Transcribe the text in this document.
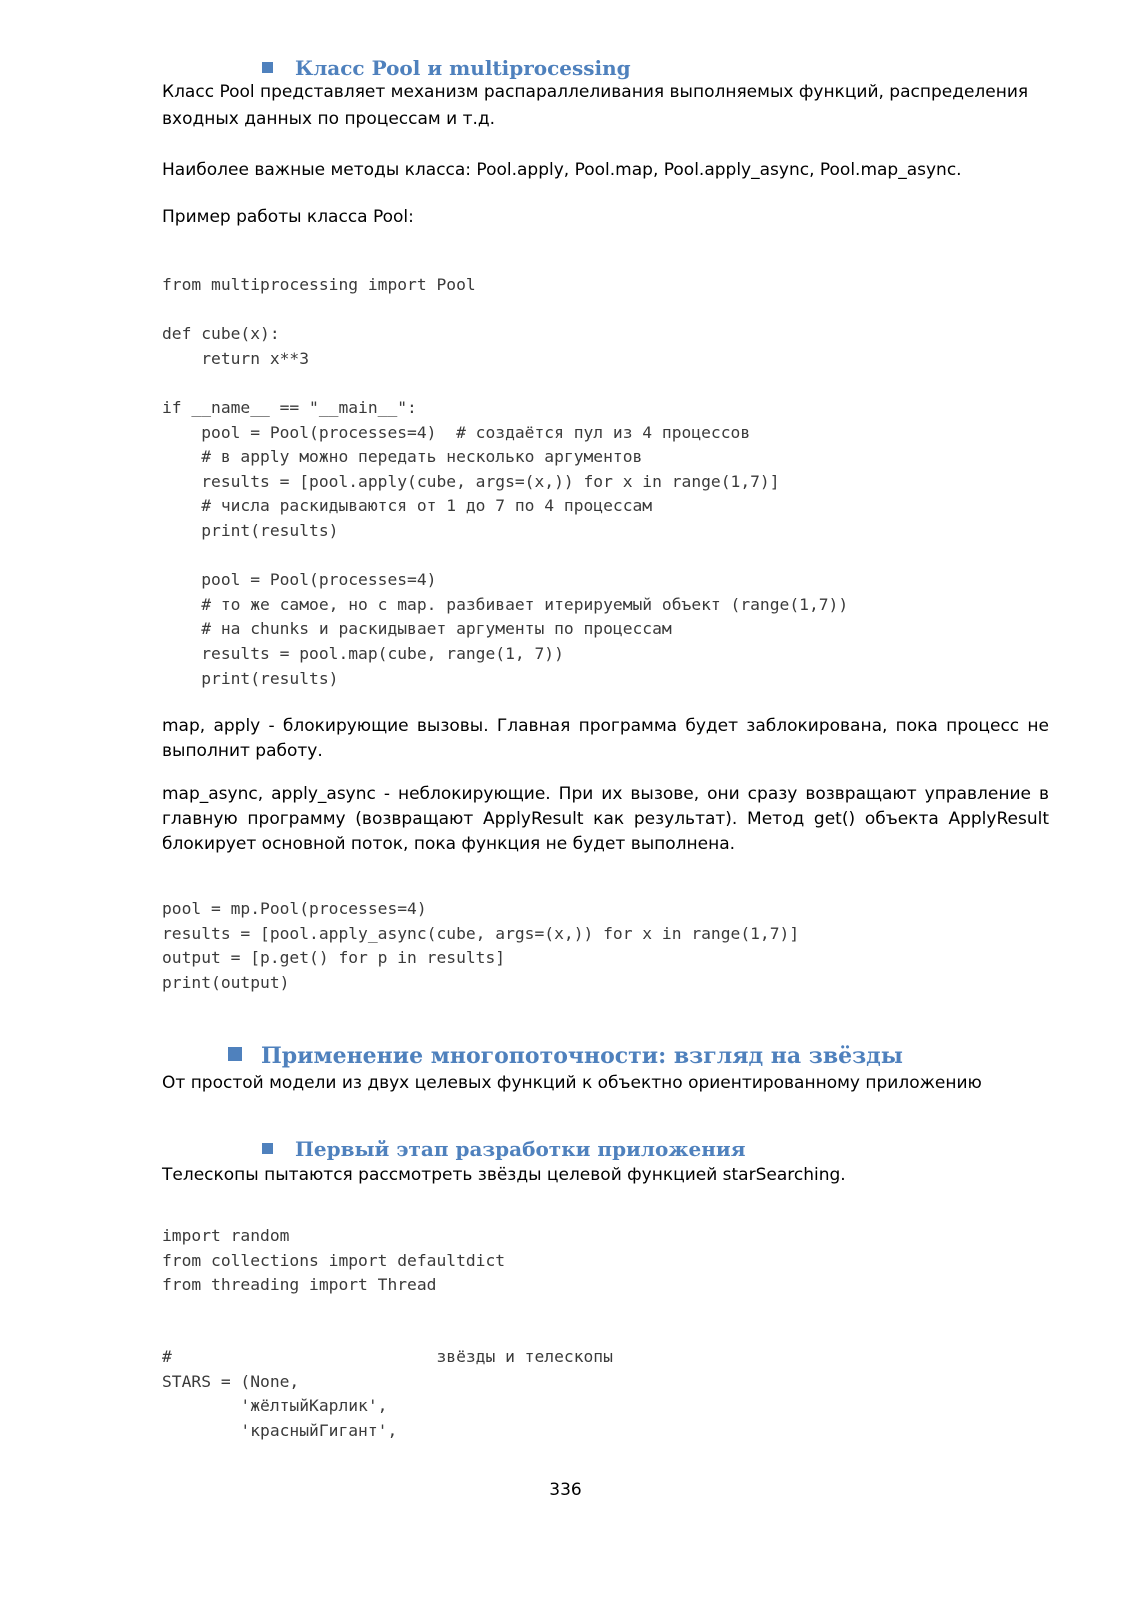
Класс Pool и multiprocessing
Класс Pool представляет механизм распараллеливания выполняемых функций, распределения входных данных по процессам и т.д.
Наиболее важные методы класса: Pool.apply, Pool.map, Pool.apply_async, Pool.map_async.
Пример работы класса Pool:
from multiprocessing import Pool

def cube(x):
return x**3

if __name__ == "__main__":
pool = Pool(processes=4)  # создаётся пул из 4 процессов
# в apply можно передать несколько аргументов
results = [pool.apply(cube, args=(x,)) for x in range(1,7)]
# числа раскидываются от 1 до 7 по 4 процессам
print(results)

pool = Pool(processes=4)
# то же самое, но с map. разбивает итерируемый объект (range(1,7))
# на chunks и раскидывает аргументы по процессам
results = pool.map(cube, range(1, 7))
print(results)
map, apply - блокирующие вызовы. Главная программа будет заблокирована, пока процесс не выполнит работу.
map_async, apply_async - неблокирующие. При их вызове, они сразу возвращают управление в главную программу (возвращают ApplyResult как результат). Метод get() объекта ApplyResult блокирует основной поток, пока функция не будет выполнена.
pool = mp.Pool(processes=4)
results = [pool.apply_async(cube, args=(x,)) for x in range(1,7)]
output = [p.get() for p in results]
print(output)
Применение многопоточности: взгляд на звёзды
От простой модели из двух целевых функций к объектно ориентированному приложению
Первый этап разработки приложения
Телескопы пытаются рассмотреть звёзды целевой функцией starSearching.
import random
from collections import defaultdict
from threading import Thread
#                           звёзды и телескопы
STARS = (None,
'жёлтыйКарлик',
'красныйГигант',
336
